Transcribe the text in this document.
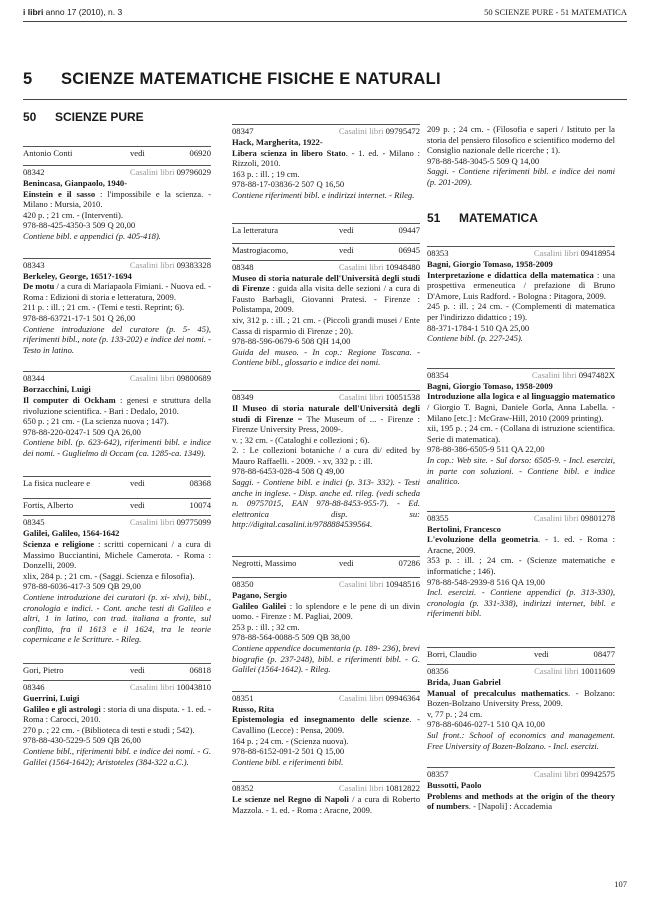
i libri anno 17 (2010), n. 3	50 SCIENZE PURE - 51 MATEMATICA
5 SCIENZE MATEMATICHE FISICHE E NATURALI
50 SCIENZE PURE
Antonio Conti	vedi	06920
08342	Casalini libri 09796029
Benincasa, Gianpaolo, 1940-
Einstein e il sasso : l'impossibile e la scienza. - Milano : Mursia, 2010.
420 p. ; 21 cm. - (Interventi).
978-88-425-4350-3 509 Q 20,00
Contiene bibl. e appendici (p. 405-418).
08343	Casalini libri 09383328
Berkeley, George, 1651?-1694
De motu / a cura di Mariapaola Fimiani. - Nuova ed. - Roma : Edizioni di storia e letteratura, 2009.
211 p. : ill. ; 21 cm. - (Temi e testi. Reprint; 6).
978-88-63721-17-1 501 Q 26,00
Contiene introduzione del curatore (p. 5- 45), riferimenti bibl., note (p. 133-202) e indice dei nomi. - Testo in latino.
08344	Casalini libri 09800689
Borzacchini, Luigi
Il computer di Ockham : genesi e struttura della rivoluzione scientifica. - Bari : Dedalo, 2010.
650 p. ; 21 cm. - (La scienza nuova ; 147).
978-88-220-0247-1 509 QA 26,00
Contiene bibl. (p. 623-642), riferimenti bibl. e indice dei nomi. - Guglielmo di Occam (ca. 1285-ca. 1349).
La fisica nucleare e	vedi	08368
Fortis, Alberto	vedi	10074
08345	Casalini libri 09775099
Galilei, Galileo, 1564-1642
Scienza e religione : scritti copernicani / a cura di Massimo Bucciantini, Michele Camerota. - Roma : Donzelli, 2009.
xlix, 284 p. ; 21 cm. - (Saggi. Scienza e filosofia).
978-88-6036-417-3 509 QB 29,00
Contiene introduzione dei curatori (p. xi- xlvi), bibl., cronologia e indici. - Cont. anche testi di Galileo e altri, 1 in latino, con trad. italiana a fronte, sul conflitto, fra il 1613 e il 1624, tra le teorie copernicane e le Scritture. - Rileg.
Gori, Pietro	vedi	06818
08346	Casalini libri 10043810
Guerrini, Luigi
Galileo e gli astrologi : storia di una disputa. - 1. ed. - Roma : Carocci, 2010.
270 p. ; 22 cm. - (Biblioteca di testi e studi ; 542).
978-88-430-5229-5 509 QB 26,00
Contiene bibl., riferimenti bibl. e indice dei nomi. - G. Galilei (1564-1642); Aristoteles (384-322 a.C.).
08347	Casalini libri 09795472
Hack, Margherita, 1922-
Libera scienza in libero Stato. - 1. ed. - Milano : Rizzoli, 2010.
163 p. : ill. ; 19 cm.
978-88-17-03836-2 507 Q 16,50
Contiene riferimenti bibl. e indirizzi internet. - Rileg.
La letteratura	vedi	09447
Mastrogiacomo,	vedi	06945
08348	Casalini libri 10948480
Museo di storia naturale dell'Università degli studi di Firenze : guida alla visita delle sezioni / a cura di Fausto Barbagli, Giovanni Pratesi. - Firenze : Polistampa, 2009.
xiv, 312 p. : ill. ; 21 cm. - (Piccoli grandi musei / Ente Cassa di risparmio di Firenze ; 20).
978-88-596-0679-6 508 QH 14,00
Guida del museo. - In cop.: Regione Toscana. - Contiene bibl., glossario e indice dei nomi.
08349	Casalini libri 10051538
Il Museo di storia naturale dell'Università degli studi di Firenze = The Museum of ... - Firenze : Firenze University Press, 2009-.
v. ; 32 cm. - (Cataloghi e collezioni ; 6).
2. : Le collezioni botaniche / a cura di/ edited by Mauro Raffaelli. - 2009. - xv, 332 p. : ill.
978-88-6453-028-4 508 Q 49,00
Saggi. - Contiene bibl. e indici (p. 313- 332). - Testi anche in inglese. - Disp. anche ed. rileg. (vedi scheda n. 09757015, EAN 978-88-8453-955-7). - Ed. elettronica disp. su: http://digital.casalini.it/9788884539564.
Negrotti, Massimo	vedi	07286
08350	Casalini libri 10948516
Pagano, Sergio
Galileo Galilei : lo splendore e le pene di un divin uomo. - Firenze : M. Pagliai, 2009.
253 p. : ill. ; 32 cm.
978-88-564-0088-5 509 QB 38,00
Contiene appendice documentaria (p. 189- 236), brevi biografie (p. 237-248), bibl. e riferimenti bibl. - G. Galilei (1564-1642). - Rileg.
08351	Casalini libri 09946364
Russo, Rita
Epistemologia ed insegnamento delle scienze. - Cavallino (Lecce) : Pensa, 2009.
164 p. ; 24 cm. - (Scienza nuova).
978-88-6152-091-2 501 Q 15,00
Contiene bibl. e riferimenti bibl.
08352	Casalini libri 10812822
Le scienze nel Regno di Napoli / a cura di Roberto Mazzola. - 1. ed. - Roma : Aracne, 2009.
209 p. ; 24 cm. - (Filosofia e saperi / Istituto per la storia del pensiero filosofico e scientifico moderno del Consiglio nazionale delle ricerche ; 1).
978-88-548-3045-5 509 Q 14,00
Saggi. - Contiene riferimenti bibl. e indice dei nomi (p. 201-209).
51 MATEMATICA
08353	Casalini libri 09418954
Bagni, Giorgio Tomaso, 1958-2009
Interpretazione e didattica della matematica : una prospettiva ermeneutica / prefazione di Bruno D'Amore, Luis Radford. - Bologna : Pitagora, 2009.
245 p. : ill. ; 24 cm. - (Complementi di matematica per l'indirizzo didattico ; 19).
88-371-1784-1 510 QA 25,00
Contiene bibl. (p. 227-245).
08354	Casalini libri 0947482X
Bagni, Giorgio Tomaso, 1958-2009
Introduzione alla logica e al linguaggio matematico / Giorgio T. Bagni, Daniele Gorla, Anna Labella. - Milano [etc.] : McGraw-Hill, 2010 (2009 printing).
xii, 195 p. ; 24 cm. - (Collana di istruzione scientifica. Serie di matematica).
978-88-386-6505-9 511 QA 22,00
In cop.: Web site. - Sul dorso: 6505-9. - Incl. esercizi, in parte con soluzioni. - Contiene bibl. e indice analitico.
08355	Casalini libri 09801278
Bertolini, Francesco
L'evoluzione della geometria. - 1. ed. - Roma : Aracne, 2009.
353 p. : ill. ; 24 cm. - (Scienze matematiche e informatiche ; 146).
978-88-548-2939-8 516 QA 19,00
Incl. esercizi. - Contiene appendici (p. 313-330), cronologia (p. 331-338), indirizzi internet, bibl. e riferimenti bibl.
Borri, Claudio	vedi	08477
08356	Casalini libri 10011609
Brida, Juan Gabriel
Manual of precalculus mathematics. - Bolzano: Bozen-Bolzano University Press, 2009.
v, 77 p. ; 24 cm.
978-88-6046-027-1 510 QA 10,00
Sul front.: School of economics and management. Free University of Bozen-Bolzano. - Incl. esercizi.
08357	Casalini libri 09942575
Bussotti, Paolo
Problems and methods at the origin of the theory of numbers. - [Napoli] : Accademia
107
